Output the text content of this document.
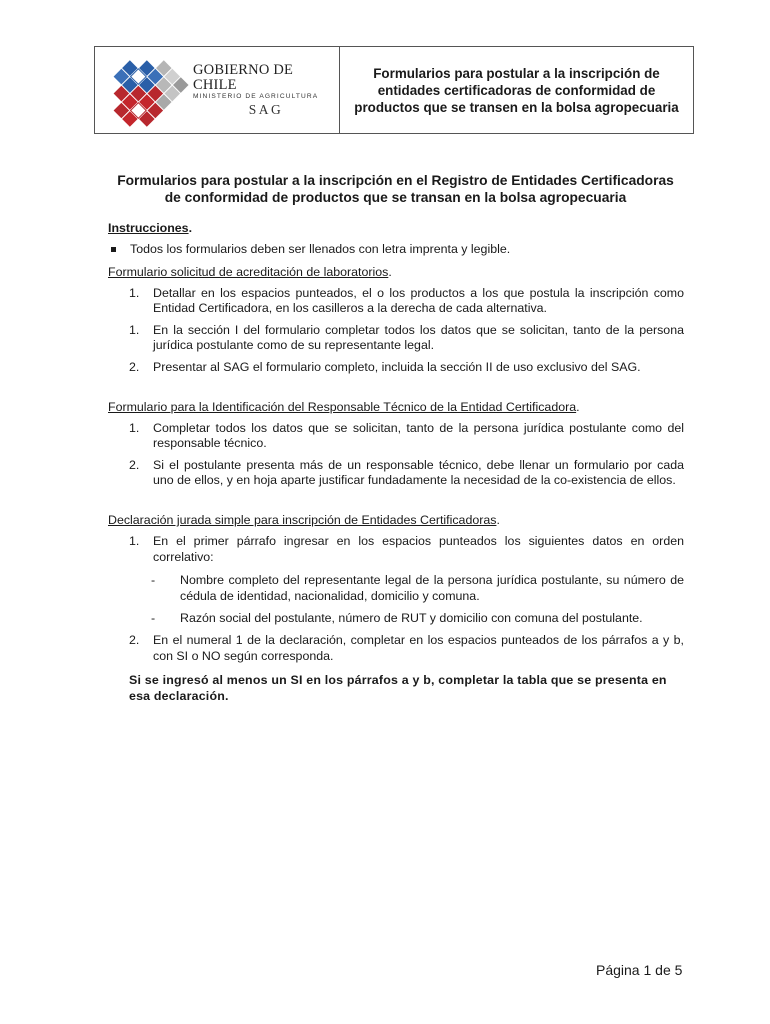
GOBIERNO DE CHILE
MINISTERIO DE AGRICULTURA
SAG
Formularios para postular a la inscripción de entidades certificadoras de conformidad de productos que se transen en la bolsa agropecuaria
Formularios para postular a la inscripción en el Registro de Entidades Certificadoras de conformidad de productos que se transan en la bolsa agropecuaria
Instrucciones.
Todos los formularios deben ser llenados con letra imprenta y legible.
Formulario solicitud de acreditación de laboratorios.
1. Detallar en los espacios punteados, el o los productos a los que postula la inscripción como Entidad Certificadora, en los casilleros a la derecha de cada alternativa.
1. En la sección I del formulario completar todos los datos que se solicitan, tanto de la persona jurídica postulante como de su representante legal.
2. Presentar al SAG el formulario completo, incluida la sección II de uso exclusivo del SAG.
Formulario para la Identificación del Responsable Técnico de la Entidad Certificadora.
1. Completar todos los datos que se solicitan, tanto de la persona jurídica postulante como del responsable técnico.
2. Si el postulante presenta más de un responsable técnico, debe llenar un formulario por cada uno de ellos, y en hoja aparte justificar fundadamente la necesidad de la co-existencia de ellos.
Declaración jurada simple para inscripción de Entidades Certificadoras.
1. En el primer párrafo ingresar en los espacios punteados los siguientes datos en orden correlativo:
- Nombre completo del representante legal de la persona jurídica postulante, su número de cédula de identidad, nacionalidad, domicilio y comuna.
- Razón social del postulante, número de RUT y domicilio con comuna del postulante.
2. En el numeral 1 de la declaración, completar en los espacios punteados de los párrafos a y b, con SI o NO según corresponda.
Si se ingresó al menos un SI en los párrafos a y b, completar la tabla que se presenta en esa declaración.
Página 1 de 5
